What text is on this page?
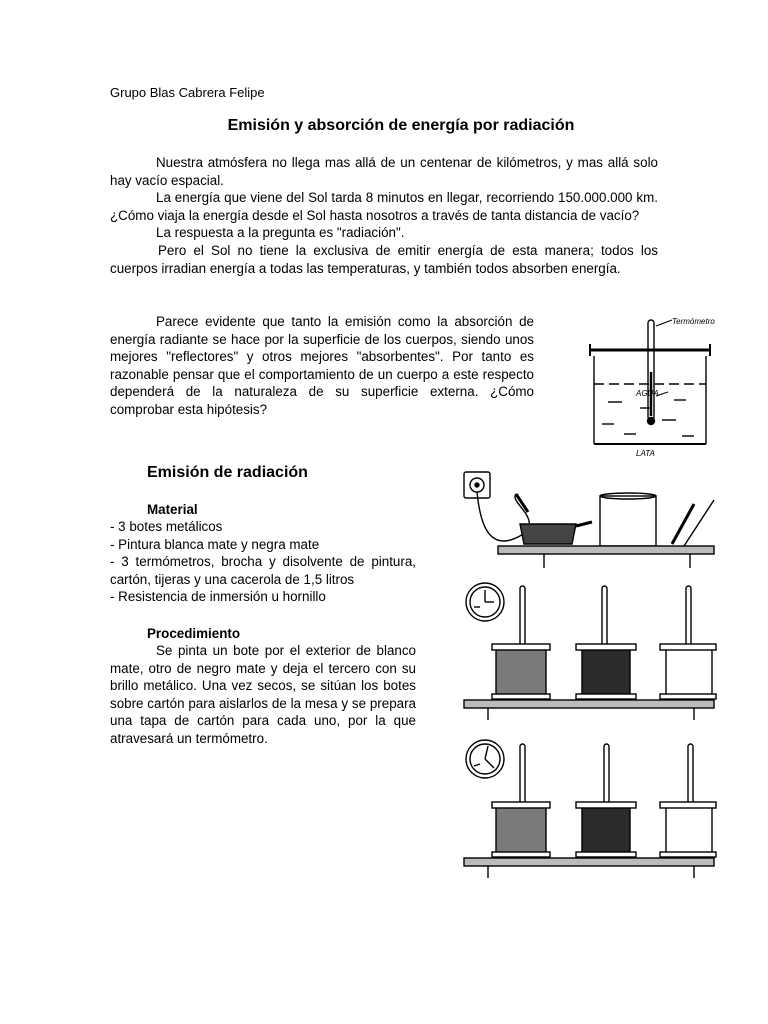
Grupo Blas Cabrera Felipe
Emisión y absorción de energía por radiación
Nuestra atmósfera no llega mas allá de un centenar de kilómetros, y mas allá solo hay vacío espacial.
La energía que viene del Sol tarda 8 minutos en llegar, recorriendo 150.000.000 km. ¿Cómo viaja la energía desde el Sol hasta nosotros a través de tanta distancia de vacío?
La respuesta a la pregunta es "radiación".
Pero el Sol no tiene la exclusiva de emitir energía de esta manera; todos los cuerpos irradian energía a todas las temperaturas, y también todos absorben energía.
Parece evidente que tanto la emisión como la absorción de energía radiante se hace por la superficie de los cuerpos, siendo unos mejores "reflectores" y otros mejores "absorbentes". Por tanto es razonable pensar que el comportamiento de un cuerpo a este respecto dependerá de la naturaleza de su superficie externa. ¿Cómo comprobar esta hipótesis?
Termómetro
AGUA
LATA
Emisión de radiación
Material
- 3 botes metálicos
- Pintura blanca mate y negra mate
- 3 termómetros, brocha y disolvente de pintura, cartón, tijeras y una cacerola de 1,5 litros
- Resistencia de inmersión u hornillo
Procedimiento
Se pinta un bote por el exterior de blanco mate, otro de negro mate y deja el tercero con su brillo metálico. Una vez secos, se sitúan los botes sobre cartón para aislarlos de la mesa y se prepara una tapa de cartón para cada uno, por la que atravesará un termómetro.
